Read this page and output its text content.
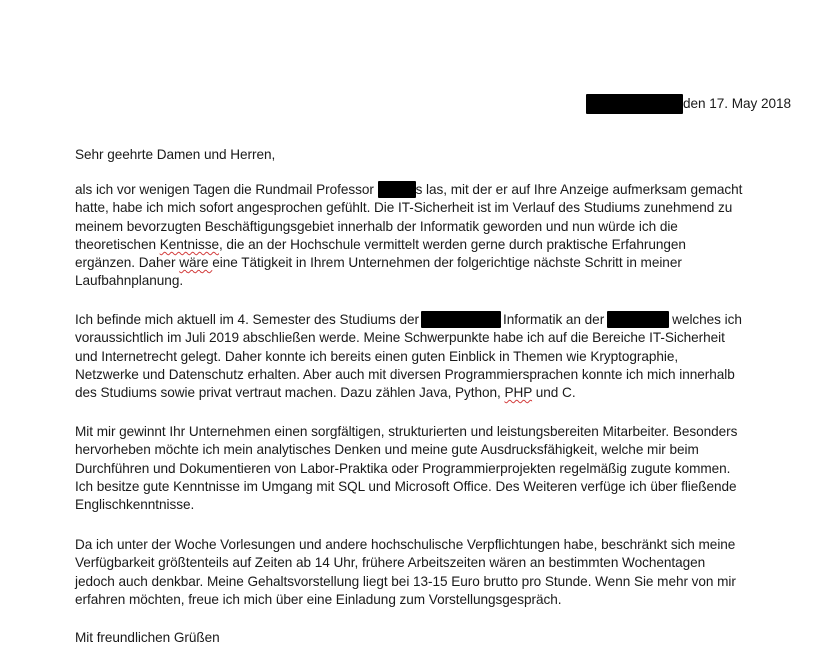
den 17. May 2018

Sehr geehrte Damen und Herren,

als ich vor wenigen Tagen die Rundmail Professor	s las, mit der er auf Ihre Anzeige aufmerksam gemacht
hatte, habe ich mich sofort angesprochen gefühlt. Die IT-Sicherheit ist im Verlauf des Studiums zunehmend zu
meinem bevorzugten Beschäftigungsgebiet innerhalb der Informatik geworden und nun würde ich die
theoretischen Kentnisse, die an der Hochschule vermittelt werden gerne durch praktische Erfahrungen
ergänzen. Daher wäre eine Tätigkeit in Ihrem Unternehmen der folgerichtige nächste Schritt in meiner
Laufbahnplanung.

Ich befinde mich aktuell im 4. Semester des Studiums der	Informatik an der	welches ich
voraussichtlich im Juli 2019 abschließen werde. Meine Schwerpunkte habe ich auf die Bereiche IT-Sicherheit
und Internetrecht gelegt. Daher konnte ich bereits einen guten Einblick in Themen wie Kryptographie,
Netzwerke und Datenschutz erhalten. Aber auch mit diversen Programmiersprachen konnte ich mich innerhalb
des Studiums sowie privat vertraut machen. Dazu zählen Java, Python, PHP und C.

Mit mir gewinnt Ihr Unternehmen einen sorgfältigen, strukturierten und leistungsbereiten Mitarbeiter. Besonders
hervorheben möchte ich mein analytisches Denken und meine gute Ausdrucksfähigkeit, welche mir beim
Durchführen und Dokumentieren von Labor-Praktika oder Programmierprojekten regelmäßig zugute kommen.
Ich besitze gute Kenntnisse im Umgang mit SQL und Microsoft Office. Des Weiteren verfüge ich über fließende
Englischkenntnisse.

Da ich unter der Woche Vorlesungen und andere hochschulische Verpflichtungen habe, beschränkt sich meine
Verfügbarkeit größtenteils auf Zeiten ab 14 Uhr, frühere Arbeitszeiten wären an bestimmten Wochentagen
jedoch auch denkbar. Meine Gehaltsvorstellung liegt bei 13-15 Euro brutto pro Stunde. Wenn Sie mehr von mir
erfahren möchten, freue ich mich über eine Einladung zum Vorstellungsgespräch.

Mit freundlichen Grüßen
